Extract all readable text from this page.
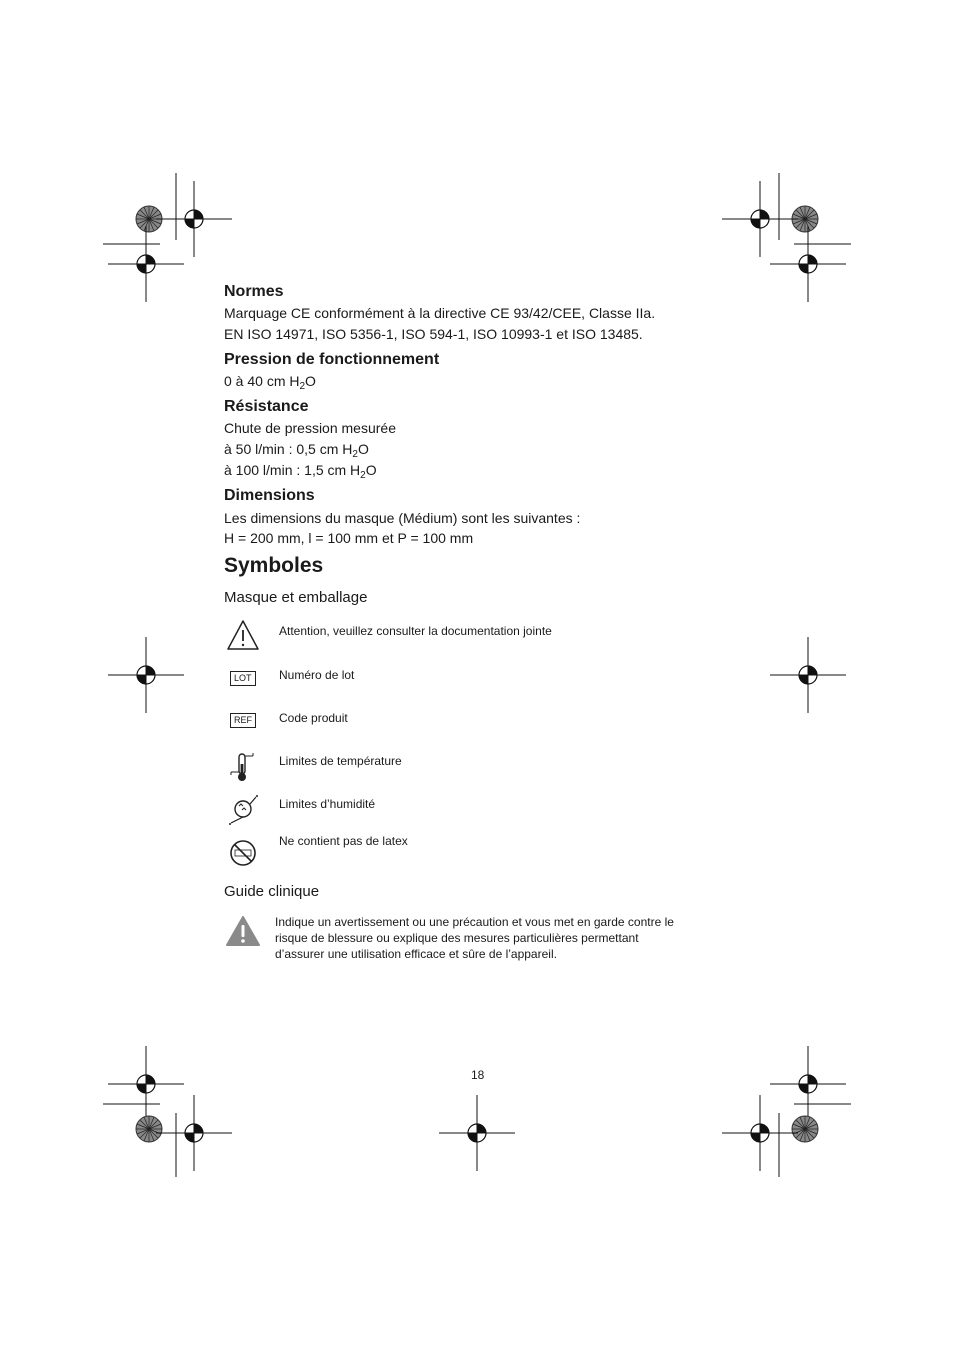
Normes
Marquage CE conformément à la directive CE 93/42/CEE, Classe IIa.
EN ISO 14971, ISO 5356-1, ISO 594-1, ISO 10993-1 et ISO 13485.
Pression de fonctionnement
0 à 40 cm $H_2O$
Résistance
Chute de pression mesurée
à 50 l/min : 0,5 cm $H_2O$
à 100 l/min : 1,5 cm $H_2O$
Dimensions
Les dimensions du masque (Médium) sont les suivantes :
H = 200 mm, l = 100 mm et P = 100 mm
Symboles
Masque et emballage
Attention, veuillez consulter la documentation jointe
LOT	Numéro de lot
REF	Code produit
Limites de température
Limites d’humidité
Ne contient pas de latex
Guide clinique
Indique un avertissement ou une précaution et vous met en garde contre le risque de blessure ou explique des mesures particulières permettant d’assurer une utilisation efficace et sûre de l’appareil.
18
